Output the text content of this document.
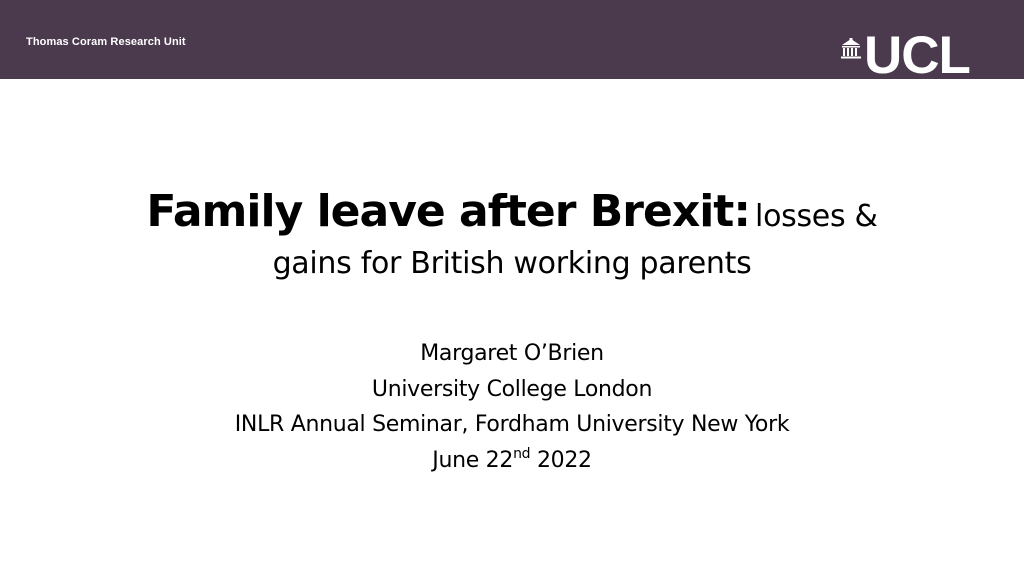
Thomas Coram Research Unit	UCL
Family leave after Brexit: losses &
gains for British working parents
Margaret O’Brien
University College London
INLR Annual Seminar, Fordham University New York
June 22nd 2022
